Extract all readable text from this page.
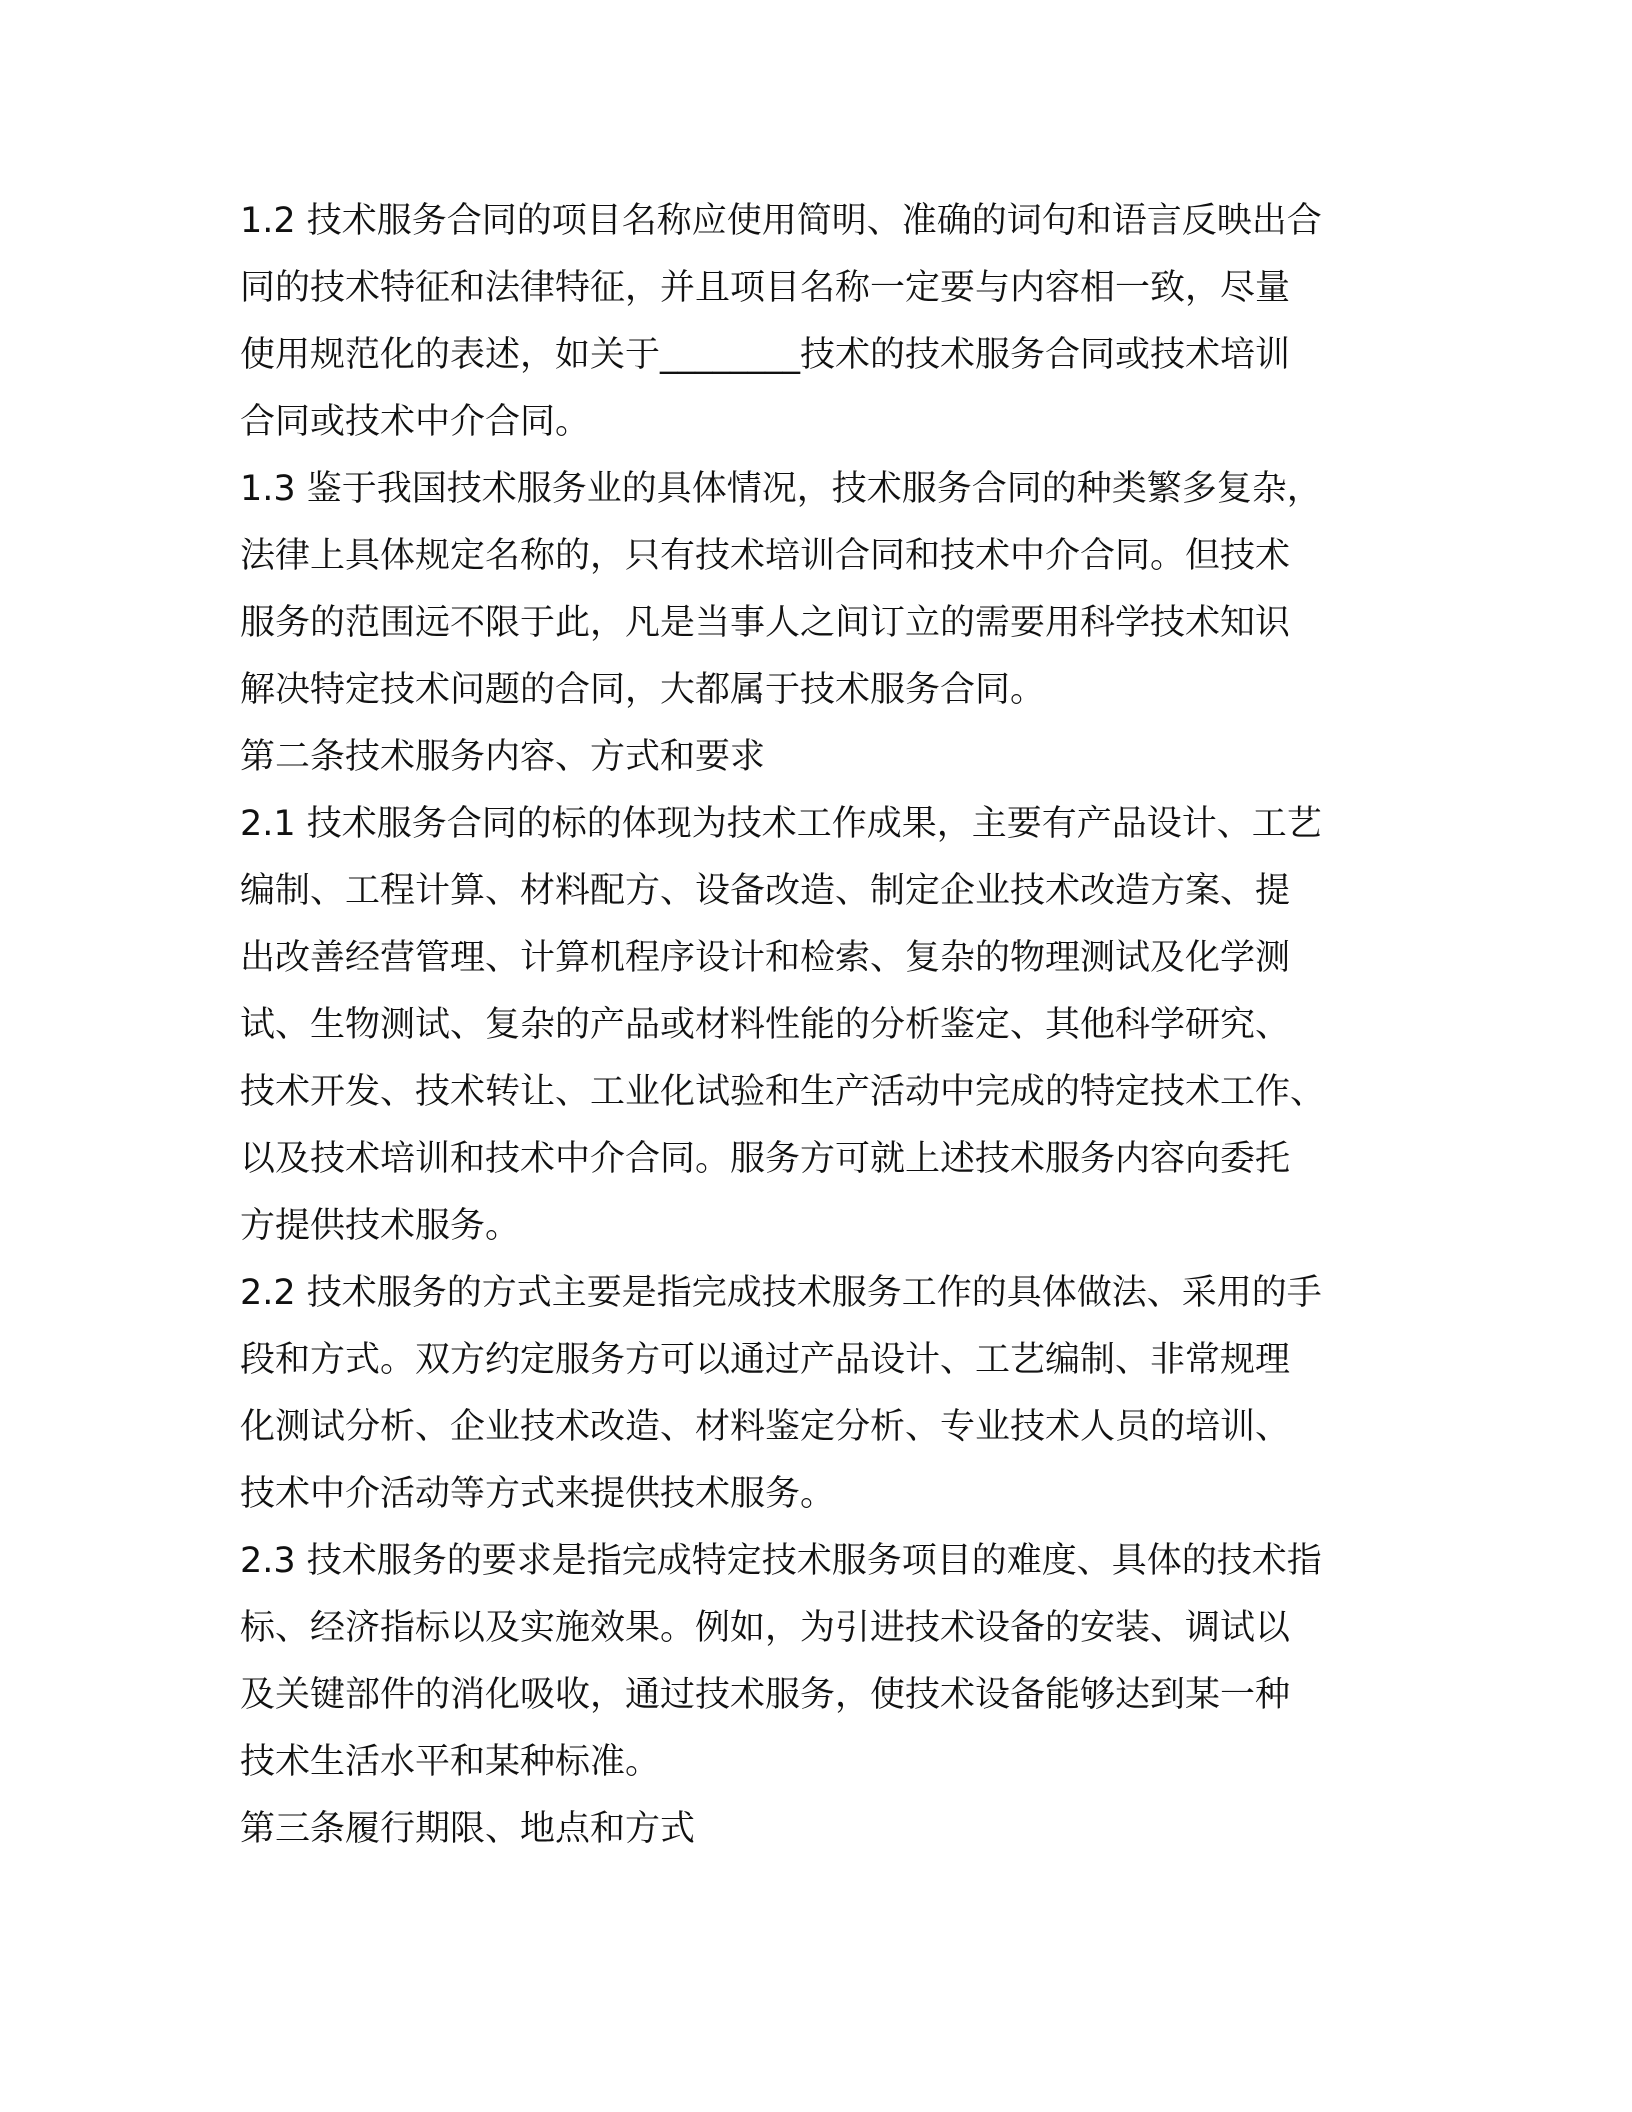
1.2 技术服务合同的项目名称应使用简明、准确的词句和语言反映出合

同的技术特征和法律特征，并且项目名称一定要与内容相一致，尽量

使用规范化的表述，如关于________技术的技术服务合同或技术培训

合同或技术中介合同。

1.3 鉴于我国技术服务业的具体情况，技术服务合同的种类繁多复杂，

法律上具体规定名称的，只有技术培训合同和技术中介合同。但技术

服务的范围远不限于此，凡是当事人之间订立的需要用科学技术知识

解决特定技术问题的合同，大都属于技术服务合同。

第二条技术服务内容、方式和要求

2.1 技术服务合同的标的体现为技术工作成果，主要有产品设计、工艺

编制、工程计算、材料配方、设备改造、制定企业技术改造方案、提

出改善经营管理、计算机程序设计和检索、复杂的物理测试及化学测

试、生物测试、复杂的产品或材料性能的分析鉴定、其他科学研究、

技术开发、技术转让、工业化试验和生产活动中完成的特定技术工作、

以及技术培训和技术中介合同。服务方可就上述技术服务内容向委托

方提供技术服务。

2.2 技术服务的方式主要是指完成技术服务工作的具体做法、采用的手

段和方式。双方约定服务方可以通过产品设计、工艺编制、非常规理

化测试分析、企业技术改造、材料鉴定分析、专业技术人员的培训、

技术中介活动等方式来提供技术服务。

2.3 技术服务的要求是指完成特定技术服务项目的难度、具体的技术指

标、经济指标以及实施效果。例如，为引进技术设备的安装、调试以

及关键部件的消化吸收，通过技术服务，使技术设备能够达到某一种

技术生活水平和某种标准。

第三条履行期限、地点和方式
